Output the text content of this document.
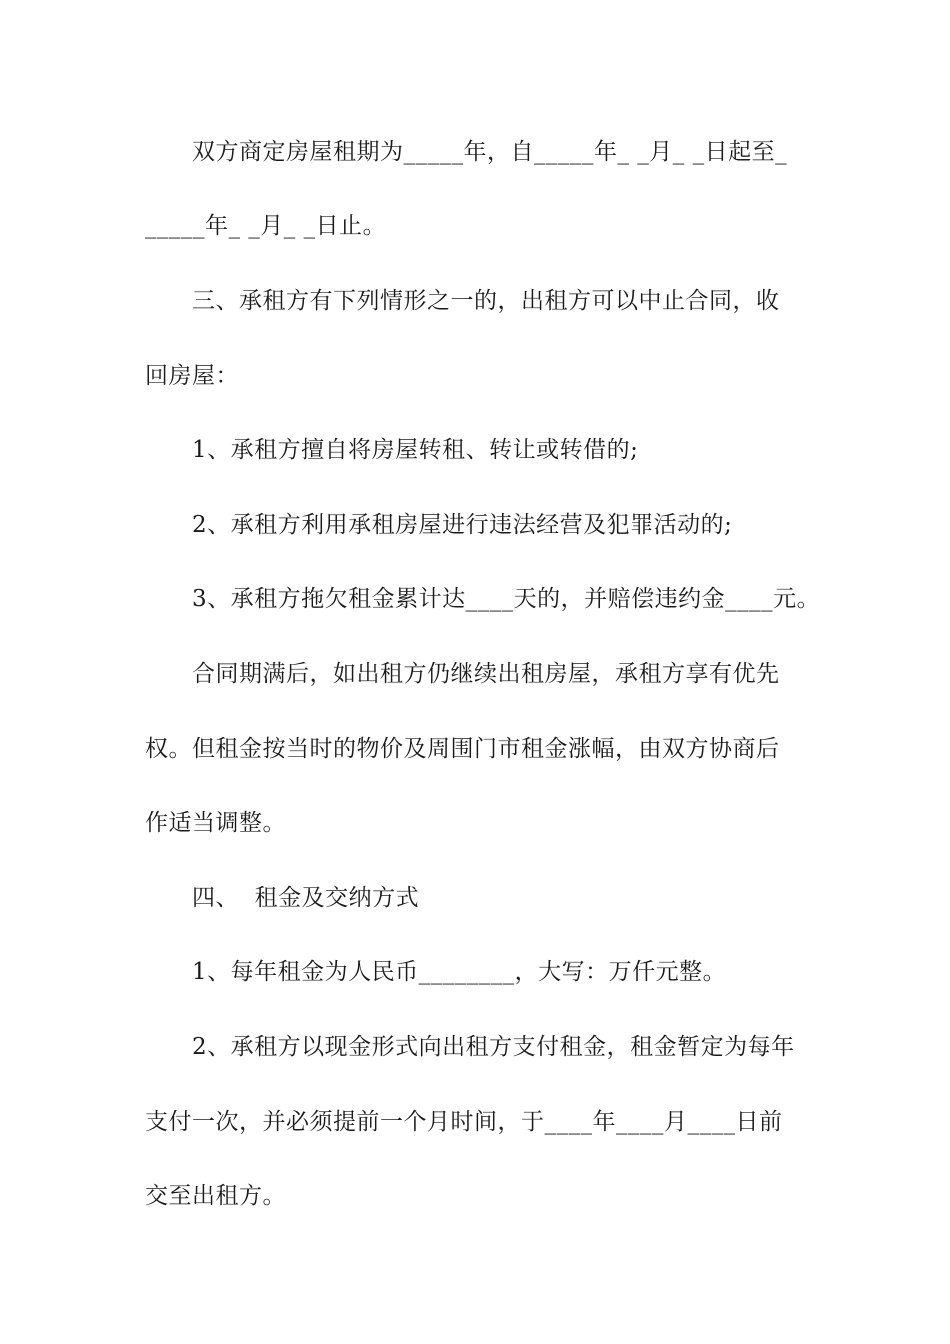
双方商定房屋租期为_____年，自_____年_ _月_ _日起至_
_____年_ _月_ _日止。
三、承租方有下列情形之一的，出租方可以中止合同，收
回房屋：
1、承租方擅自将房屋转租、转让或转借的;
2、承租方利用承租房屋进行违法经营及犯罪活动的;
3、承租方拖欠租金累计达____天的，并赔偿违约金____元。
合同期满后，如出租方仍继续出租房屋，承租方享有优先
权。但租金按当时的物价及周围门市租金涨幅，由双方协商后
作适当调整。
四、  租金及交纳方式
1、每年租金为人民币________，大写：万仟元整。
2、承租方以现金形式向出租方支付租金，租金暂定为每年
支付一次，并必须提前一个月时间，于____年____月____日前
交至出租方。
